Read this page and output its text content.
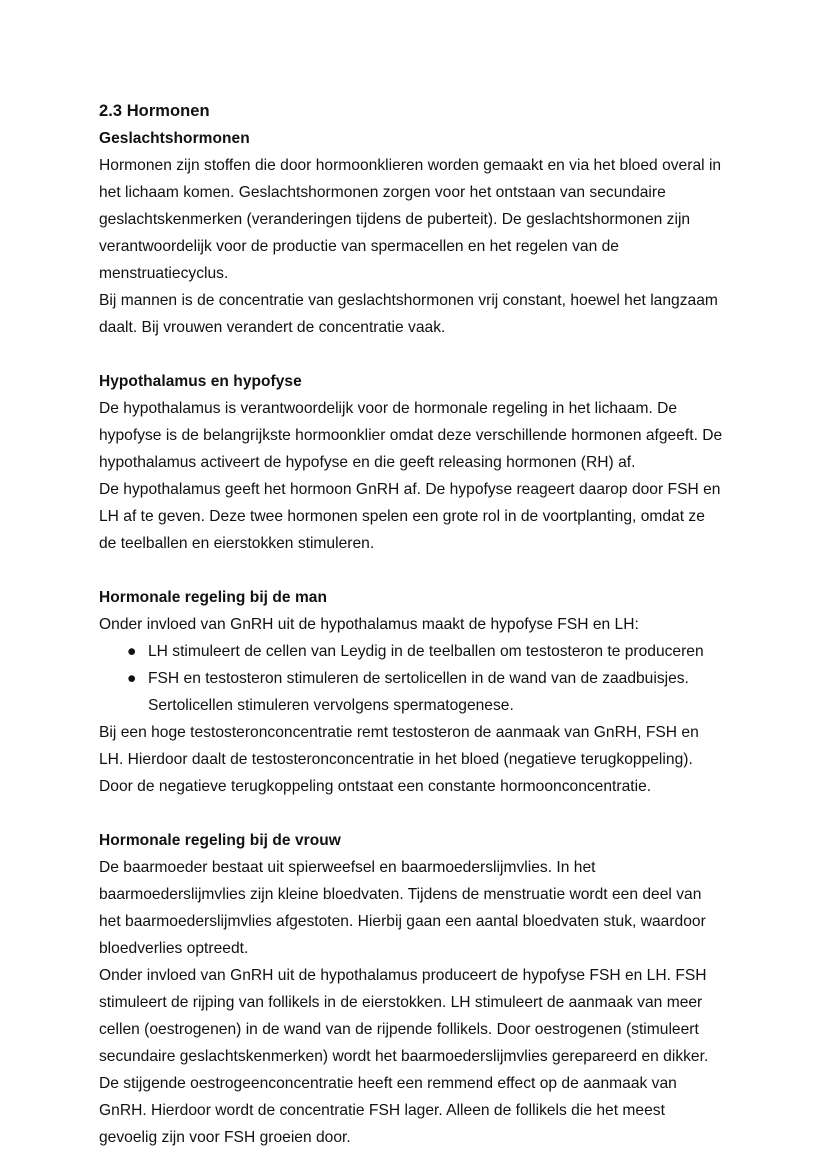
2.3 Hormonen
Geslachtshormonen

Hormonen zijn stoffen die door hormoonklieren worden gemaakt en via het bloed overal in het lichaam komen. Geslachtshormonen zorgen voor het ontstaan van secundaire geslachtskenmerken (veranderingen tijdens de puberteit). De geslachtshormonen zijn verantwoordelijk voor de productie van spermacellen en het regelen van de menstruatiecyclus.

Bij mannen is de concentratie van geslachtshormonen vrij constant, hoewel het langzaam daalt. Bij vrouwen verandert de concentratie vaak.

Hypothalamus en hypofyse

De hypothalamus is verantwoordelijk voor de hormonale regeling in het lichaam. De hypofyse is de belangrijkste hormoonklier omdat deze verschillende hormonen afgeeft. De hypothalamus activeert de hypofyse en die geeft releasing hormonen (RH) af.

De hypothalamus geeft het hormoon GnRH af. De hypofyse reageert daarop door FSH en LH af te geven. Deze twee hormonen spelen een grote rol in de voortplanting, omdat ze de teelballen en eierstokken stimuleren.

Hormonale regeling bij de man

Onder invloed van GnRH uit de hypothalamus maakt de hypofyse FSH en LH:

● LH stimuleert de cellen van Leydig in de teelballen om testosteron te produceren
● FSH en testosteron stimuleren de sertolicellen in de wand van de zaadbuisjes. Sertolicellen stimuleren vervolgens spermatogenese.

Bij een hoge testosteronconcentratie remt testosteron de aanmaak van GnRH, FSH en LH. Hierdoor daalt de testosteronconcentratie in het bloed (negatieve terugkoppeling). Door de negatieve terugkoppeling ontstaat een constante hormoonconcentratie.

Hormonale regeling bij de vrouw

De baarmoeder bestaat uit spierweefsel en baarmoederslijmvlies. In het baarmoederslijmvlies zijn kleine bloedvaten. Tijdens de menstruatie wordt een deel van het baarmoederslijmvlies afgestoten. Hierbij gaan een aantal bloedvaten stuk, waardoor bloedverlies optreedt.

Onder invloed van GnRH uit de hypothalamus produceert de hypofyse FSH en LH. FSH stimuleert de rijping van follikels in de eierstokken. LH stimuleert de aanmaak van meer cellen (oestrogenen) in de wand van de rijpende follikels. Door oestrogenen (stimuleert secundaire geslachtskenmerken) wordt het baarmoederslijmvlies gerepareerd en dikker.

De stijgende oestrogeenconcentratie heeft een remmend effect op de aanmaak van GnRH. Hierdoor wordt de concentratie FSH lager. Alleen de follikels die het meest gevoelig zijn voor FSH groeien door.
